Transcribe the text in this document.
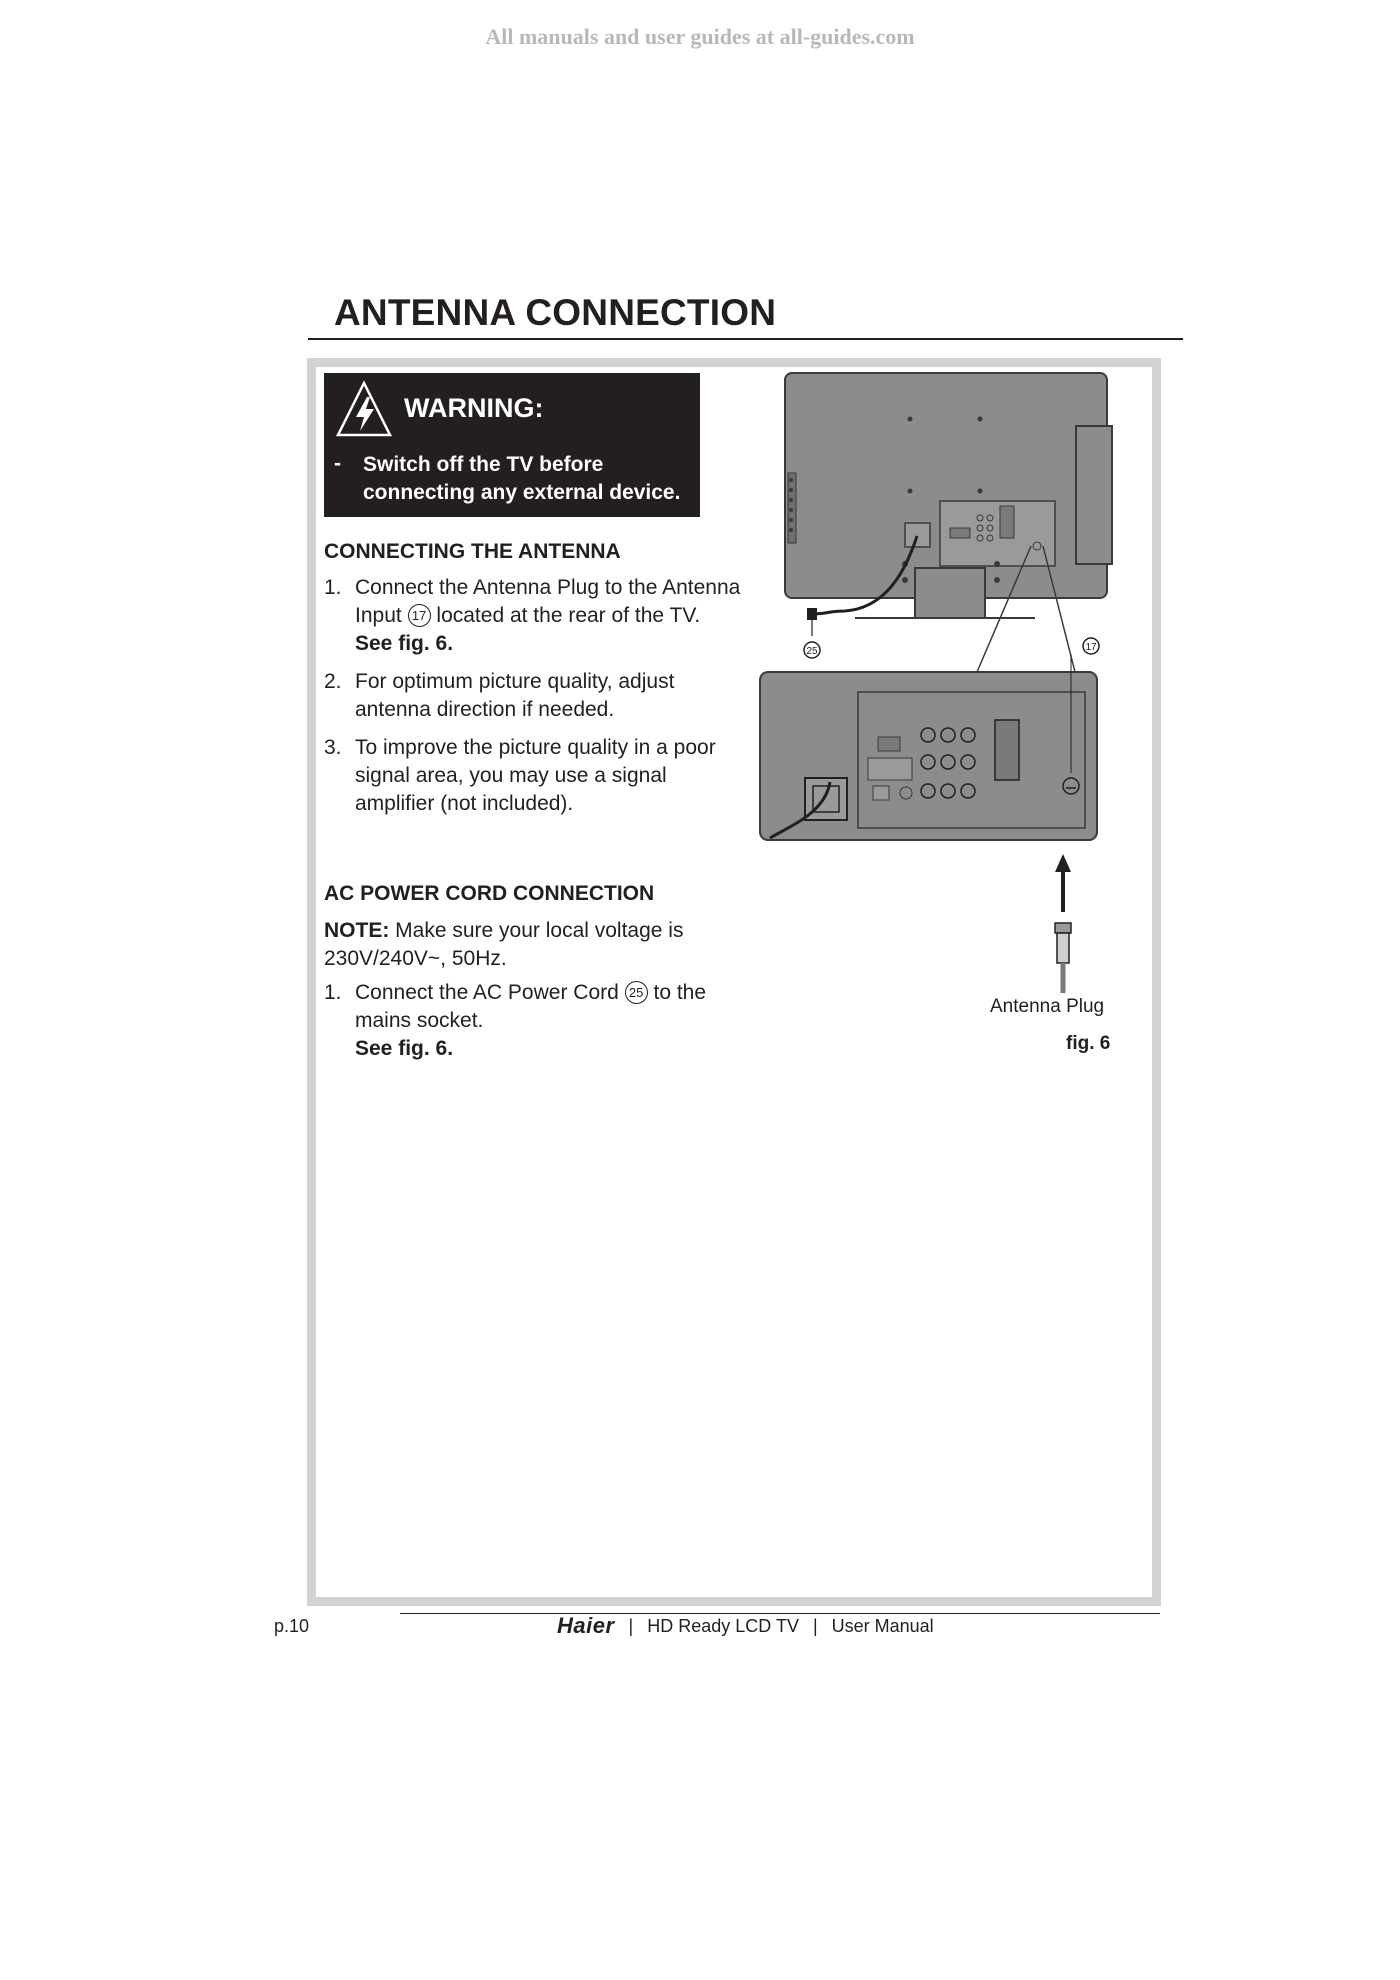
All manuals and user guides at all-guides.com
ANTENNA CONNECTION
WARNING:
- Switch off the TV before connecting any external device.

CONNECTING THE ANTENNA

1. Connect the Antenna Plug to the Antenna Input 17 located at the rear of the TV.
See fig. 6.
2. For optimum picture quality, adjust antenna direction if needed.
3. To improve the picture quality in a poor signal area, you may use a signal amplifier (not included).

AC POWER CORD CONNECTION

NOTE: Make sure your local voltage is 230V/240V~, 50Hz.

1. Connect the AC Power Cord 25 to the mains socket.
See fig. 6.
25	17
Antenna Plug
fig. 6
p.10	Haier | HD Ready LCD TV | User Manual
